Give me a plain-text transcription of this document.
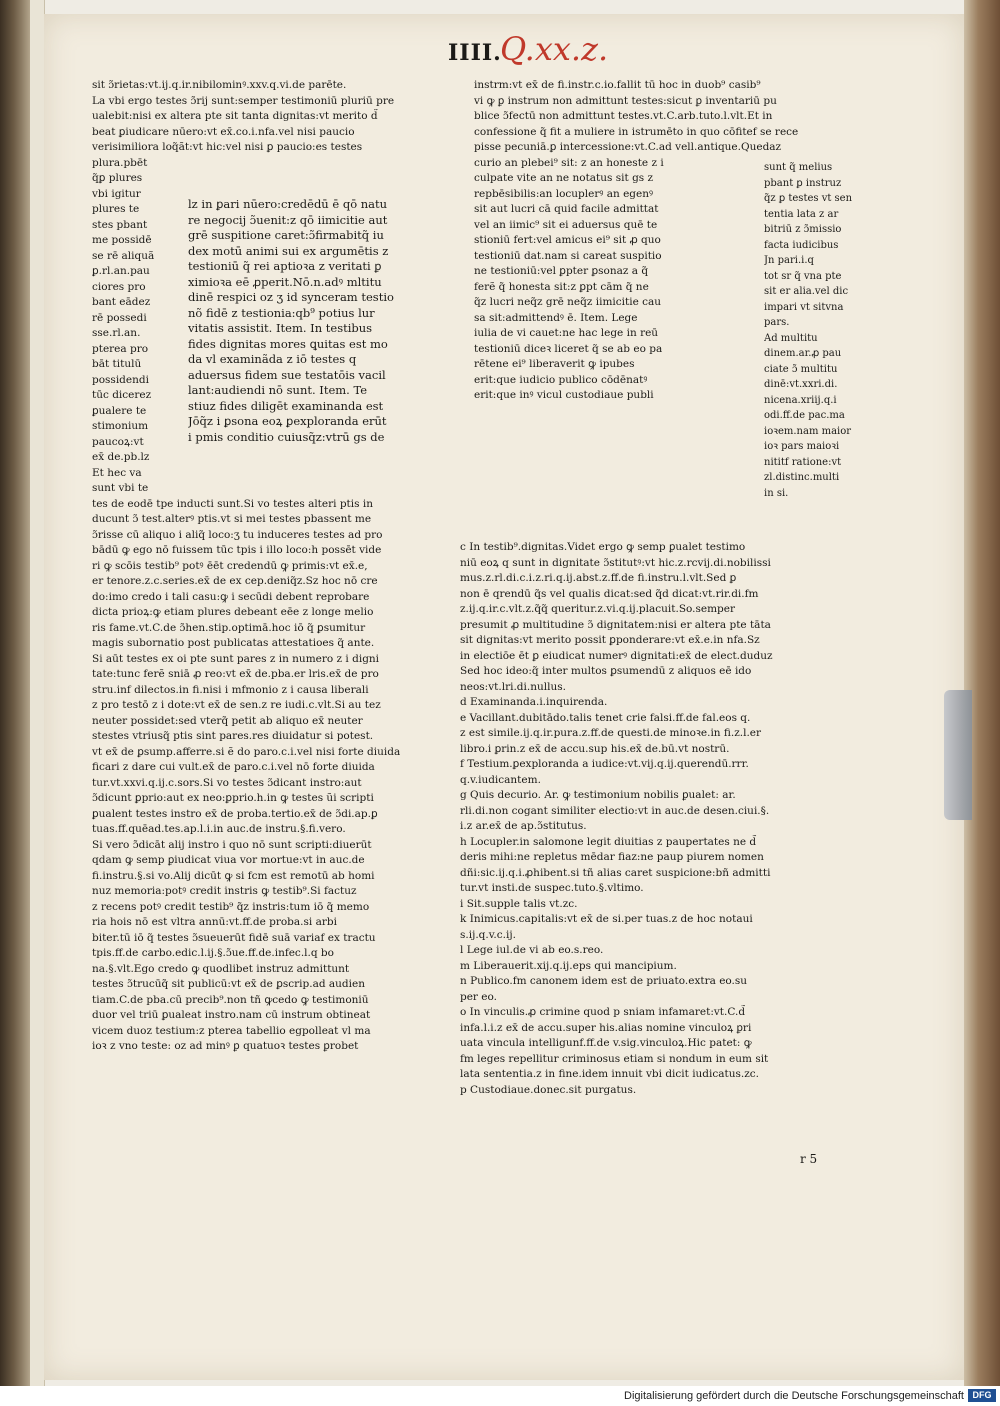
IIII.
Q.xx.z.
sit ɔ̃rietas:vt.ij.q.ir.nibilominꝰ.xxv.q.vi.de parēte.
La vbi ergo testes ɔ̃rij sunt:semper testimoniū pluriū pre
ualebit:nisi ex altera pte sit tanta dignitas:vt merito d̃
beat ꝑiudicare nūero:vt ex̄.co.i.nfa.vel nisi paucio
verisimiliora loq̃ãt:vt hic:vel nisi ꝑ paucio:es testes
plura.pbēt
q̃ꝑ plures
vbi igitur
plures te
stes pbant
me possidē
se rē aliquã
ꝑ.rl.an.pau
ciores pro
bant eādez
rē possedi
sse.rl.an.
pterea pro
bāt titulū
possidendi
tūc dicerez
ꝑualere te
stimonium
paucoꝝ:vt
ex̄ de.pb.lz
Et hec va
sunt vbi te
tes de eodē tpe inducti sunt.Si vo testes alteri ptis in
ducunt ɔ̃ test.alterꝰ ptis.vt si mei testes pbassent me
ɔ̃risse cū aliquo i aliq̃ loco:ʒ tu induceres testes ad pro
bādū ꝙ ego nō fuissem tūc tpis i illo loco:h possēt vide
ri ꝙ scōis testib⁹ potꝰ ēēt credendū ꝙ primis:vt ex̄.e,
er tenore.z.c.series.ex̄ de ex cep.deniq̃z.Sz hoc nō cre
do:imo credo i tali casu:ꝙ i secūdi debent reprobare
dicta prioꝝ:ꝙ etiam plures debeant eēe z longe melio
ris fame.vt.C.de ɔ̃hen.stip.optimā.hoc iō q̃ ꝑsumitur
magis subornatio post publicatas attestatioes q̃ ante.
Si aūt testes ex oi pte sunt pares z in numero z i digni
tate:tunc ferẽ sniā ꝓ reo:vt ex̄ de.pba.er lris.ex̄ de pro
stru.inf dilectos.in fi.nisi i mfmonio z i causa liberali
z pro testō z i dote:vt ex̄ de sen.z re iudi.c.vlt.Si au tez
neuter possidet:sed vterq̃ petit ab aliquo ex̄ neuter
stestes vtriusq̃ ptis sint pares.res diuidatur si potest.
vt ex̄ de ꝑsump.afferre.si ẽ do paro.c.i.vel nisi forte diuida
ficari z dare cui vult.ex̄ de paro.c.i.vel nō forte diuida
tur.vt.xxvi.q.ij.c.sors.Si vo testes ɔ̃dicant instro:aut
ɔ̃dicunt ꝑprio:aut ex neo:ꝑprio.h.in ꝙ testes ũi scripti
ꝑualent testes instro ex̄ de proba.tertio.ex̄ de ɔ̃di.ap.ꝑ
tuas.ff.quēad.tes.ap.l.i.in auc.de instru.§.fi.vero.
Si vero ɔ̃dicāt alij instro i quo nō sunt scripti:diuerūt
qdam ꝙ semp ꝑiudicat viua vor mortue:vt in auc.de
fi.instru.§.si vo.Alij dicūt ꝙ si fcm est remotū ab homi
nuz memoria:potꝰ credit instris ꝙ testib⁹.Si factuz
z recens potꝰ credit testib⁹ q̃z instris:tum iō q̃ memo
ria hois nō est vltra annū:vt.ff.de proba.si arbi
biter.tū iō q̃ testes ɔ̃sueuerūt fidē suā variaf ex tractu
tpis.ff.de carbo.edic.l.ij.§.ɔ̃ue.ff.de.infec.l.q bo
na.§.vlt.Ego credo ꝙ quodlibet instruz admittunt
testes ɔ̃trucūq̃ sit publicū:vt ex̄ de ꝑscrip.ad audien
tiam.C.de pba.cū precib⁹.non tñ ꝙcedo ꝙ testimoniū
duor vel triū ꝑualeat instro.nam cū instrum obtineat
vicem duoz testium:z pterea tabellio egpolleat vl ma
ioꝛ z vno teste: oz ad minꝰ ꝑ quatuoꝛ testes ꝑrobet
lz in ꝑari nūero:credēdū ē qō natu
re negocij ɔ̃uenit:z qō iimicitie aut
grē suspitione caret:ɔ̃firmabitq̃ iu
dex motū animi sui ex argumētis z
testioniū q̃ rei aptioꝛa z veritati ꝑ
ximioꝛa eē ꝓperit.Nō.n.adꝰ mltitu
dinē respici oz ʒ id synceram testio
nõ fidē z testionia:qb⁹ potius lur
vitatis assistit. Item. In testibus
fides dignitas mores ꝗuitas est mo
da vl examinãda z iō testes q
aduersus fidem sue testatōis vacil
lant:audiendi nō sunt. Item. Te
stiuz fides diligēt examinanda est
Jōq̃z i ꝑsona eoꝝ ꝑexploranda erūt
i pmis conditio cuiusq̃z:vtrū gs de
instrm:vt ex̄ de fi.instr.c.io.fallit tū hoc in duob⁹ casib⁹
vi ꝙ ꝑ instrum non admittunt testes:sicut ꝑ inventariū pu
blice ɔ̃fectū non admittunt testes.vt.C.arb.tuto.l.vlt.Et in
confessione q̃ fit a muliere in istrumēto in quo cōfitef se rece
pisse pecuniā.ꝑ intercessione:vt.C.ad vell.antique.Quedaz
curio an plebei⁹ sit: z an honeste z i
culpate vite an ne notatus sit gs z
repbēsibilis:an locuplerꝰ an egenꝰ
sit aut lucri cā quid facile admittat
vel an iimic⁹ sit ei aduersus quē te
stioniū fert:vel amicus ei⁹ sit ꝓ quo
testioniū dat.nam si careat suspitio
ne testioniū:vel ꝑpter ꝑsonaz a q̃
ferẽ q̃ honesta sit:z ꝑpt cām q̃ ne
q̃z lucri neq̃z grē neq̃z iimicitie cau
sa sit:admittendꝰ ē. Item. Lege
iulia de vi cauet:ne hac lege in reū
testioniū diceꝛ liceret q̃ se ab eo pa
rētene ei⁹ liberaverit ꝙ ipubes
erit:que iudicio publico cōdēnatꝰ
erit:que inꝰ vicul custodiaue publi
sunt q̃ melius
pbant ꝑ instruz
q̃z ꝑ testes vt sen
tentia lata z ar
bitriū z ɔ̃missio
facta iudicibus
Jn pari.i.q
tot sr q̃ vna pte
sit er alia.vel dic
impari vt sitvna
pars.
Ad multitu
dinem.ar.ꝓ pau
ciate ɔ̃ multitu
dinē:vt.xxri.di.
nicena.xriij.q.i
odi.ff.de pac.ma
ioꝛem.nam maior
ioꝛ pars maioꝛi
nititf ratione:vt
zl.distinc.multi
in si.
c In testib⁹.dignitas.Videt ergo ꝙ semp ꝑualet testimo
niū eoꝝ q sunt in dignitate ɔ̃stitutꝰ:vt hic.z.rcvij.di.nobilissi
mus.z.rl.di.c.i.z.ri.q.ij.abst.z.ff.de fi.instru.l.vlt.Sed ꝑ
non ē qrendū q̃s vel qualis dicat:sed q̃d dicat:vt.rir.di.fm
z.ij.q.ir.c.vlt.z.q̃q̃ queritur.z.vi.q.ij.placuit.So.semper
presumit ꝓ multitudine ɔ̃ dignitatem:nisi er altera pte tāta
sit dignitas:vt merito possit ꝑponderare:vt ex̄.e.in nfa.Sz
in electiōe ēt ꝑ eiudicat numerꝰ dignitati:ex̄ de elect.duduz
Sed hoc ideo:q̃ inter multos ꝑsumendū z aliquos eē ido
neos:vt.lri.di.nullus.
d Examinanda.i.inquirenda.
e Vacillant.dubitādo.talis tenet crie falsi.ff.de fal.eos q.
z est simile.ij.q.ir.pura.z.ff.de questi.de minoꝛe.in fi.z.l.er
libro.i ꝑrin.z ex̄ de accu.sup his.ex̄ de.bū.vt nostrū.
f Testium.ꝑexploranda a iudice:vt.vij.q.ij.querendū.rrr.
q.v.iudicantem.
g Quis decurio. Ar. ꝙ testimonium nobilis ꝑualet: ar.
rli.di.non cogant similiter electio:vt in auc.de desen.ciui.§.
i.z ar.ex̄ de ap.ɔ̃stitutus.
h Locupler.in salomone legit diuitias z paupertates ne d̃
deris mihi:ne repletus mēdar fiaz:ne paup piurem nomen
dñi:sic.ij.q.i.ꝓhibent.si tñ alias caret suspicione:bñ admitti
tur.vt insti.de suspec.tuto.§.vltimo.
i Sit.supple talis vt.zc.
k Inimicus.capitalis:vt ex̄ de si.per tuas.z de hoc notaui
s.ij.q.v.c.ij.
l Lege iul.de vi ab eo.s.reo.
m Liberauerit.xij.q.ij.eps qui mancipium.
n Publico.fm canonem idem est de priuato.extra eo.su
per eo.
o In vinculis.ꝓ crimine quod p sniam infamaret:vt.C.d̃
infa.l.i.z ex̄ de accu.super his.alias nomine vinculoꝝ ꝑri
uata vincula intelligunf.ff.de v.sig.vinculoꝝ.Hic patet: ꝙ
fm leges repellitur criminosus etiam si nondum in eum sit
lata sententia.z in fine.idem innuit vbi dicit iudicatus.zc.
p Custodiaue.donec.sit purgatus.
r 5
Digitalisierung gefördert durch die Deutsche Forschungsgemeinschaft DFG
